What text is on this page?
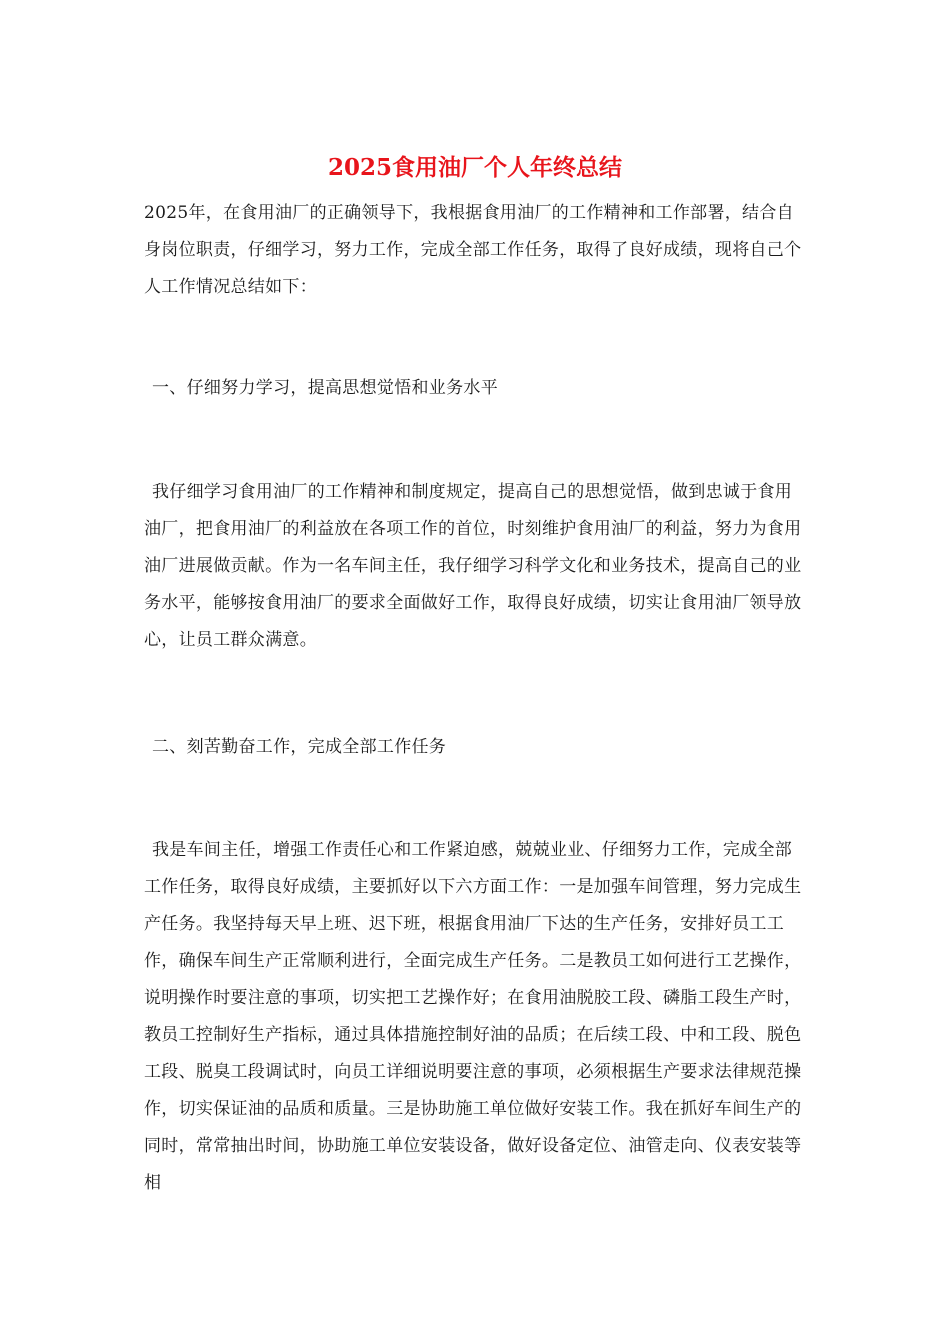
2025食用油厂个人年终总结

2025年，在食用油厂的正确领导下，我根据食用油厂的工作精神和工作部署，结合自身岗位职责，仔细学习，努力工作，完成全部工作任务，取得了良好成绩，现将自己个人工作情况总结如下：

一、仔细努力学习，提高思想觉悟和业务水平

我仔细学习食用油厂的工作精神和制度规定，提高自己的思想觉悟，做到忠诚于食用油厂，把食用油厂的利益放在各项工作的首位，时刻维护食用油厂的利益，努力为食用油厂进展做贡献。作为一名车间主任，我仔细学习科学文化和业务技术，提高自己的业务水平，能够按食用油厂的要求全面做好工作，取得良好成绩，切实让食用油厂领导放心，让员工群众满意。

二、刻苦勤奋工作，完成全部工作任务

我是车间主任，增强工作责任心和工作紧迫感，兢兢业业、仔细努力工作，完成全部工作任务，取得良好成绩，主要抓好以下六方面工作：一是加强车间管理，努力完成生产任务。我坚持每天早上班、迟下班，根据食用油厂下达的生产任务，安排好员工工作，确保车间生产正常顺利进行，全面完成生产任务。二是教员工如何进行工艺操作，说明操作时要注意的事项，切实把工艺操作好；在食用油脱胶工段、磷脂工段生产时，教员工控制好生产指标，通过具体措施控制好油的品质；在后续工段、中和工段、脱色工段、脱臭工段调试时，向员工详细说明要注意的事项，必须根据生产要求法律规范操作，切实保证油的品质和质量。三是协助施工单位做好安装工作。我在抓好车间生产的同时，常常抽出时间，协助施工单位安装设备，做好设备定位、油管走向、仪表安装等相
